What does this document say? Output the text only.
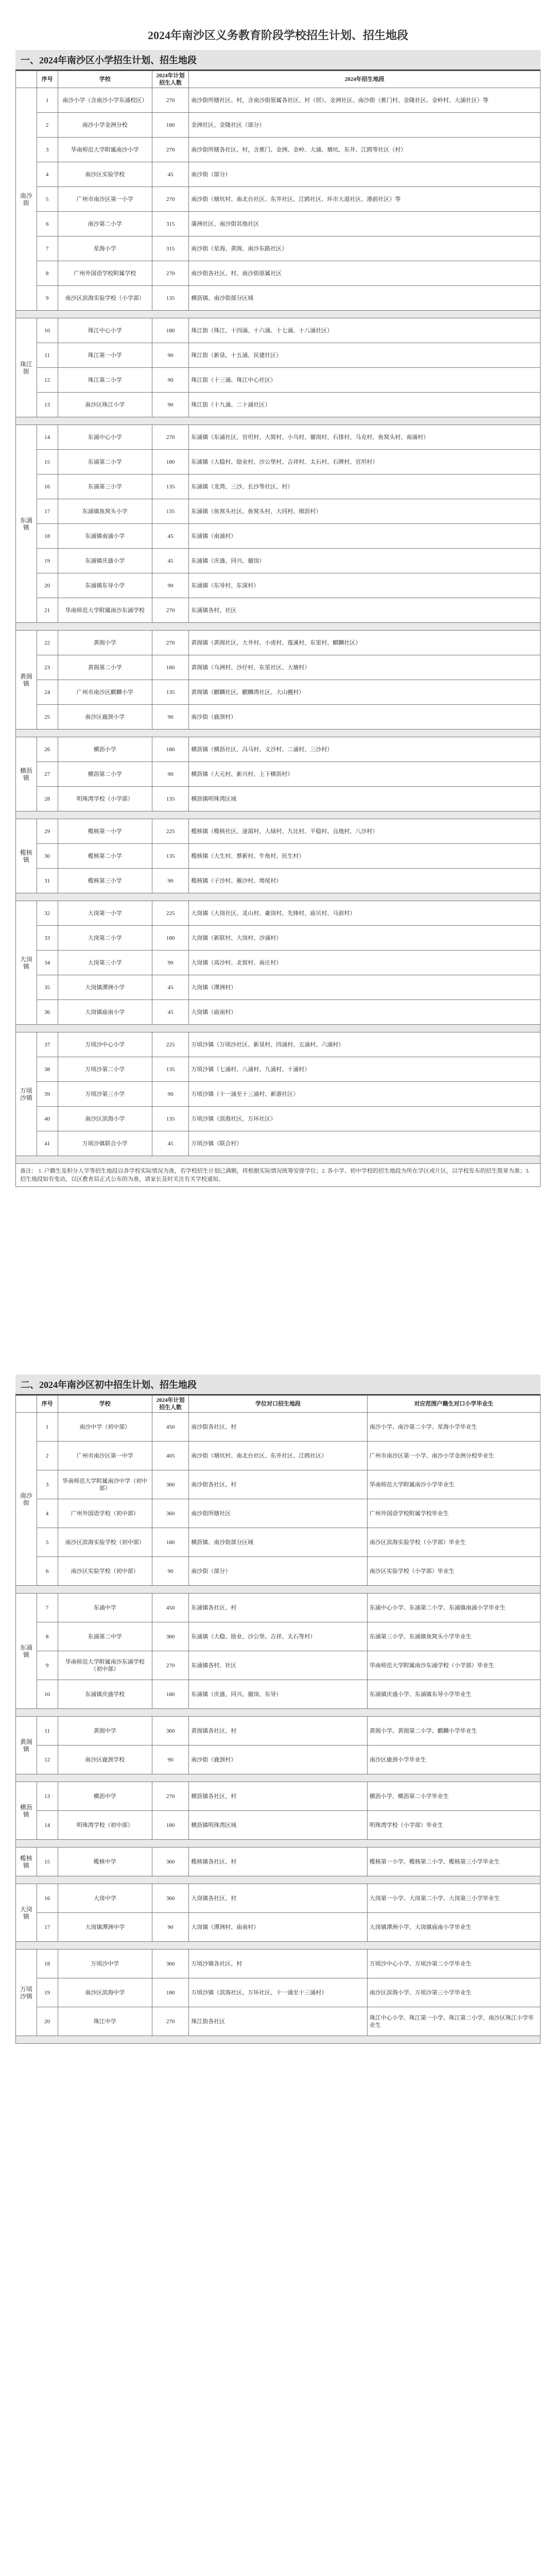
2024年南沙区义务教育阶段学校招生计划、招生地段
一、2024年南沙区小学招生计划、招生地段
	序号	学校	2024年计划招生人数	2024年招生地段
南沙街	1	南沙小学（含南沙小学东涌校区）	270	南沙街所辖社区、村，含南沙街原属各社区、村（居）、金洲社区、南沙街（蕉门村、金隆社区、金岭村、大涌社区）等
	2	南沙小学金洲分校	180	金洲社区、金隆社区（部分）
	3	华南师范大学附属南沙小学	270	南沙街所辖各社区、村，含蕉门、金洲、金岭、大涌、塘坑、东井、江鸥等社区（村）
	4	南沙区实验学校	45	南沙街（部分）
	5	广州市南沙区第一小学	270	南沙街（塘坑村、南北台社区、东井社区、江鸥社区、环市大道社区、港前社区）等
	6	南沙第二小学	315	蒲洲社区、南沙街其他社区
	7	星海小学	315	南沙街（星海、黄阁、南沙东路社区）
	8	广州外国语学校附属学校	270	南沙街各社区、村、南沙街原属社区
	9	南沙区滨海实验学校（小学部）	135	横沥镇、南沙街部分区域

珠江街	10	珠江中心小学	180	珠江街（珠江、十四涌、十六涌、十七涌、十八涌社区）
	11	珠江第一小学	90	珠江街（新垦、十五涌、民建社区）
	12	珠江第二小学	90	珠江街（十三涌、珠江中心社区）
	13	南沙区珠江小学	90	珠江街（十九涌、二十涌社区）

东涌镇	14	东涌中心小学	270	东涌镇（东涌社区、官坦村、大简村、小乌村、骝岗村、石排村、马克村、鱼窝头村、南涌村）
	15	东涌第二小学	180	东涌镇（大稳村、励业村、沙公堡村、吉祥村、太石村、石牌村、官坦村）
	16	东涌第三小学	135	东涌镇（龙湾、三沙、长沙等社区、村）
	17	东涌镇鱼窝头小学	135	东涌镇（鱼窝头社区、鱼窝头村、大同村、细沥村）
	18	东涌镇南涌小学	45	东涌镇（南涌村）
	19	东涌镇庆盛小学	45	东涌镇（庆盛、同兴、骝岗）
	20	东涌镇东导小学	90	东涌镇（东导村、东深村）
	21	华南师范大学附属南沙东涌学校	270	东涌镇各村、社区

黄阁镇	22	黄阁小学	270	黄阁镇（黄阁社区、大井村、小虎村、莲溪村、东里村、麒麟社区）
	23	黄阁第二小学	180	黄阁镇（乌洲村、沙仔村、东里社区、大塘村）
	24	广州市南沙区麒麟小学	135	黄阁镇（麒麟社区、麒麟湾社区、大山乸村）
	25	南沙区鹿颈小学	90	南沙街（鹿颈村）

横沥镇	26	横沥小学	180	横沥镇（横沥社区、冯马村、义沙村、二涌村、三沙村）
	27	横沥第二小学	90	横沥镇（大元村、新兴村、上下横沥村）
	28	明珠湾学校（小学部）	135	横沥镇明珠湾区域

榄核镇	29	榄核第一小学	225	榄核镇（榄核社区、湴湄村、人绿村、九比村、平稳村、良地村、八沙村）
	30	榄核第二小学	135	榄核镇（大生村、蔡新村、牛角村、民生村）
	31	榄核第三小学	90	榄核镇（子沙村、雁沙村、坳尾村）

大岗镇	32	大岗第一小学	225	大岗镇（大岗社区、灵山村、豪岗村、先锋村、庙贝村、马前村）
	33	大岗第二小学	180	大岗镇（新联村、大岗村、沙涌村）
	34	大岗第三小学	90	大岗镇（高沙村、北窖村、南庄村）
	35	大岗镇潭洲小学	45	大岗镇（潭洲村）
	36	大岗镇庙南小学	45	大岗镇（庙南村）

万顷沙镇	37	万顷沙中心小学	225	万顷沙镇（万顷沙社区、新垦村、四涌村、五涌村、六涌村）
	38	万顷沙第二小学	135	万顷沙镇（七涌村、八涌村、九涌村、十涌村）
	39	万顷沙第三小学	90	万顷沙镇（十一涌至十三涌村、新港社区）
	40	南沙区滨海小学	135	万顷沙镇（滨海社区、万环社区）
	41	万顷沙镇联合小学	45	万顷沙镇（联合村）

备注： 1. 户籍生及积分入学等招生地段以各学校实际情况为准，若学校招生计划已满额，将根据实际情况统筹安排学位；2. 各小学、初中学校的招生地段为所在学区或片区，以学校发布的招生简章为准；3. 招生地段如有变动，以区教育局正式公布的为准，请家长及时关注有关学校通知。
二、2024年南沙区初中招生计划、招生地段
	序号	学校	2024年计划招生人数	学位对口招生地段	对应范围户籍生对口小学毕业生
南沙街	1	南沙中学（初中部）	450	南沙街各社区、村	南沙小学、南沙第二小学、星海小学毕业生
	2	广州市南沙区第一中学	405	南沙街（塘坑村、南北台社区、东井社区、江鸥社区）	广州市南沙区第一小学、南沙小学金洲分校毕业生
	3	华南师范大学附属南沙中学（初中部）	360	南沙街各社区、村	华南师范大学附属南沙小学毕业生
	4	广州外国语学校（初中部）	360	南沙街所辖社区	广州外国语学校附属学校毕业生
	5	南沙区滨海实验学校（初中部）	180	横沥镇、南沙街部分区域	南沙区滨海实验学校（小学部）毕业生
	6	南沙区实验学校（初中部）	90	南沙街（部分）	南沙区实验学校（小学部）毕业生

东涌镇	7	东涌中学	450	东涌镇各社区、村	东涌中心小学、东涌第二小学、东涌镇南涌小学毕业生
	8	东涌第二中学	360	东涌镇（大稳、励业、沙公堡、吉祥、太石等村）	东涌第三小学、东涌镇鱼窝头小学毕业生
	9	华南师范大学附属南沙东涌学校（初中部）	270	东涌镇各村、社区	华南师范大学附属南沙东涌学校（小学部）毕业生
	10	东涌镇庆盛学校	180	东涌镇（庆盛、同兴、骝岗、东导）	东涌镇庆盛小学、东涌镇东导小学毕业生

黄阁镇	11	黄阁中学	360	黄阁镇各社区、村	黄阁小学、黄阁第二小学、麒麟小学毕业生
	12	南沙区鹿颈学校	90	南沙街（鹿颈村）	南沙区鹿颈小学毕业生

横沥镇	13	横沥中学	270	横沥镇各社区、村	横沥小学、横沥第二小学毕业生
	14	明珠湾学校（初中部）	180	横沥镇明珠湾区域	明珠湾学校（小学部）毕业生

榄核镇	15	榄核中学	360	榄核镇各社区、村	榄核第一小学、榄核第二小学、榄核第三小学毕业生

大岗镇	16	大岗中学	360	大岗镇各社区、村	大岗第一小学、大岗第二小学、大岗第三小学毕业生
	17	大岗镇潭洲中学	90	大岗镇（潭洲村、庙南村）	大岗镇潭洲小学、大岗镇庙南小学毕业生

万顷沙镇	18	万顷沙中学	360	万顷沙镇各社区、村	万顷沙中心小学、万顷沙第二小学毕业生
	19	南沙区滨海中学	180	万顷沙镇（滨海社区、万环社区、十一涌至十三涌村）	南沙区滨海小学、万顷沙第三小学毕业生
	20	珠江中学	270	珠江街各社区	珠江中心小学、珠江第一小学、珠江第二小学、南沙区珠江小学毕业生
